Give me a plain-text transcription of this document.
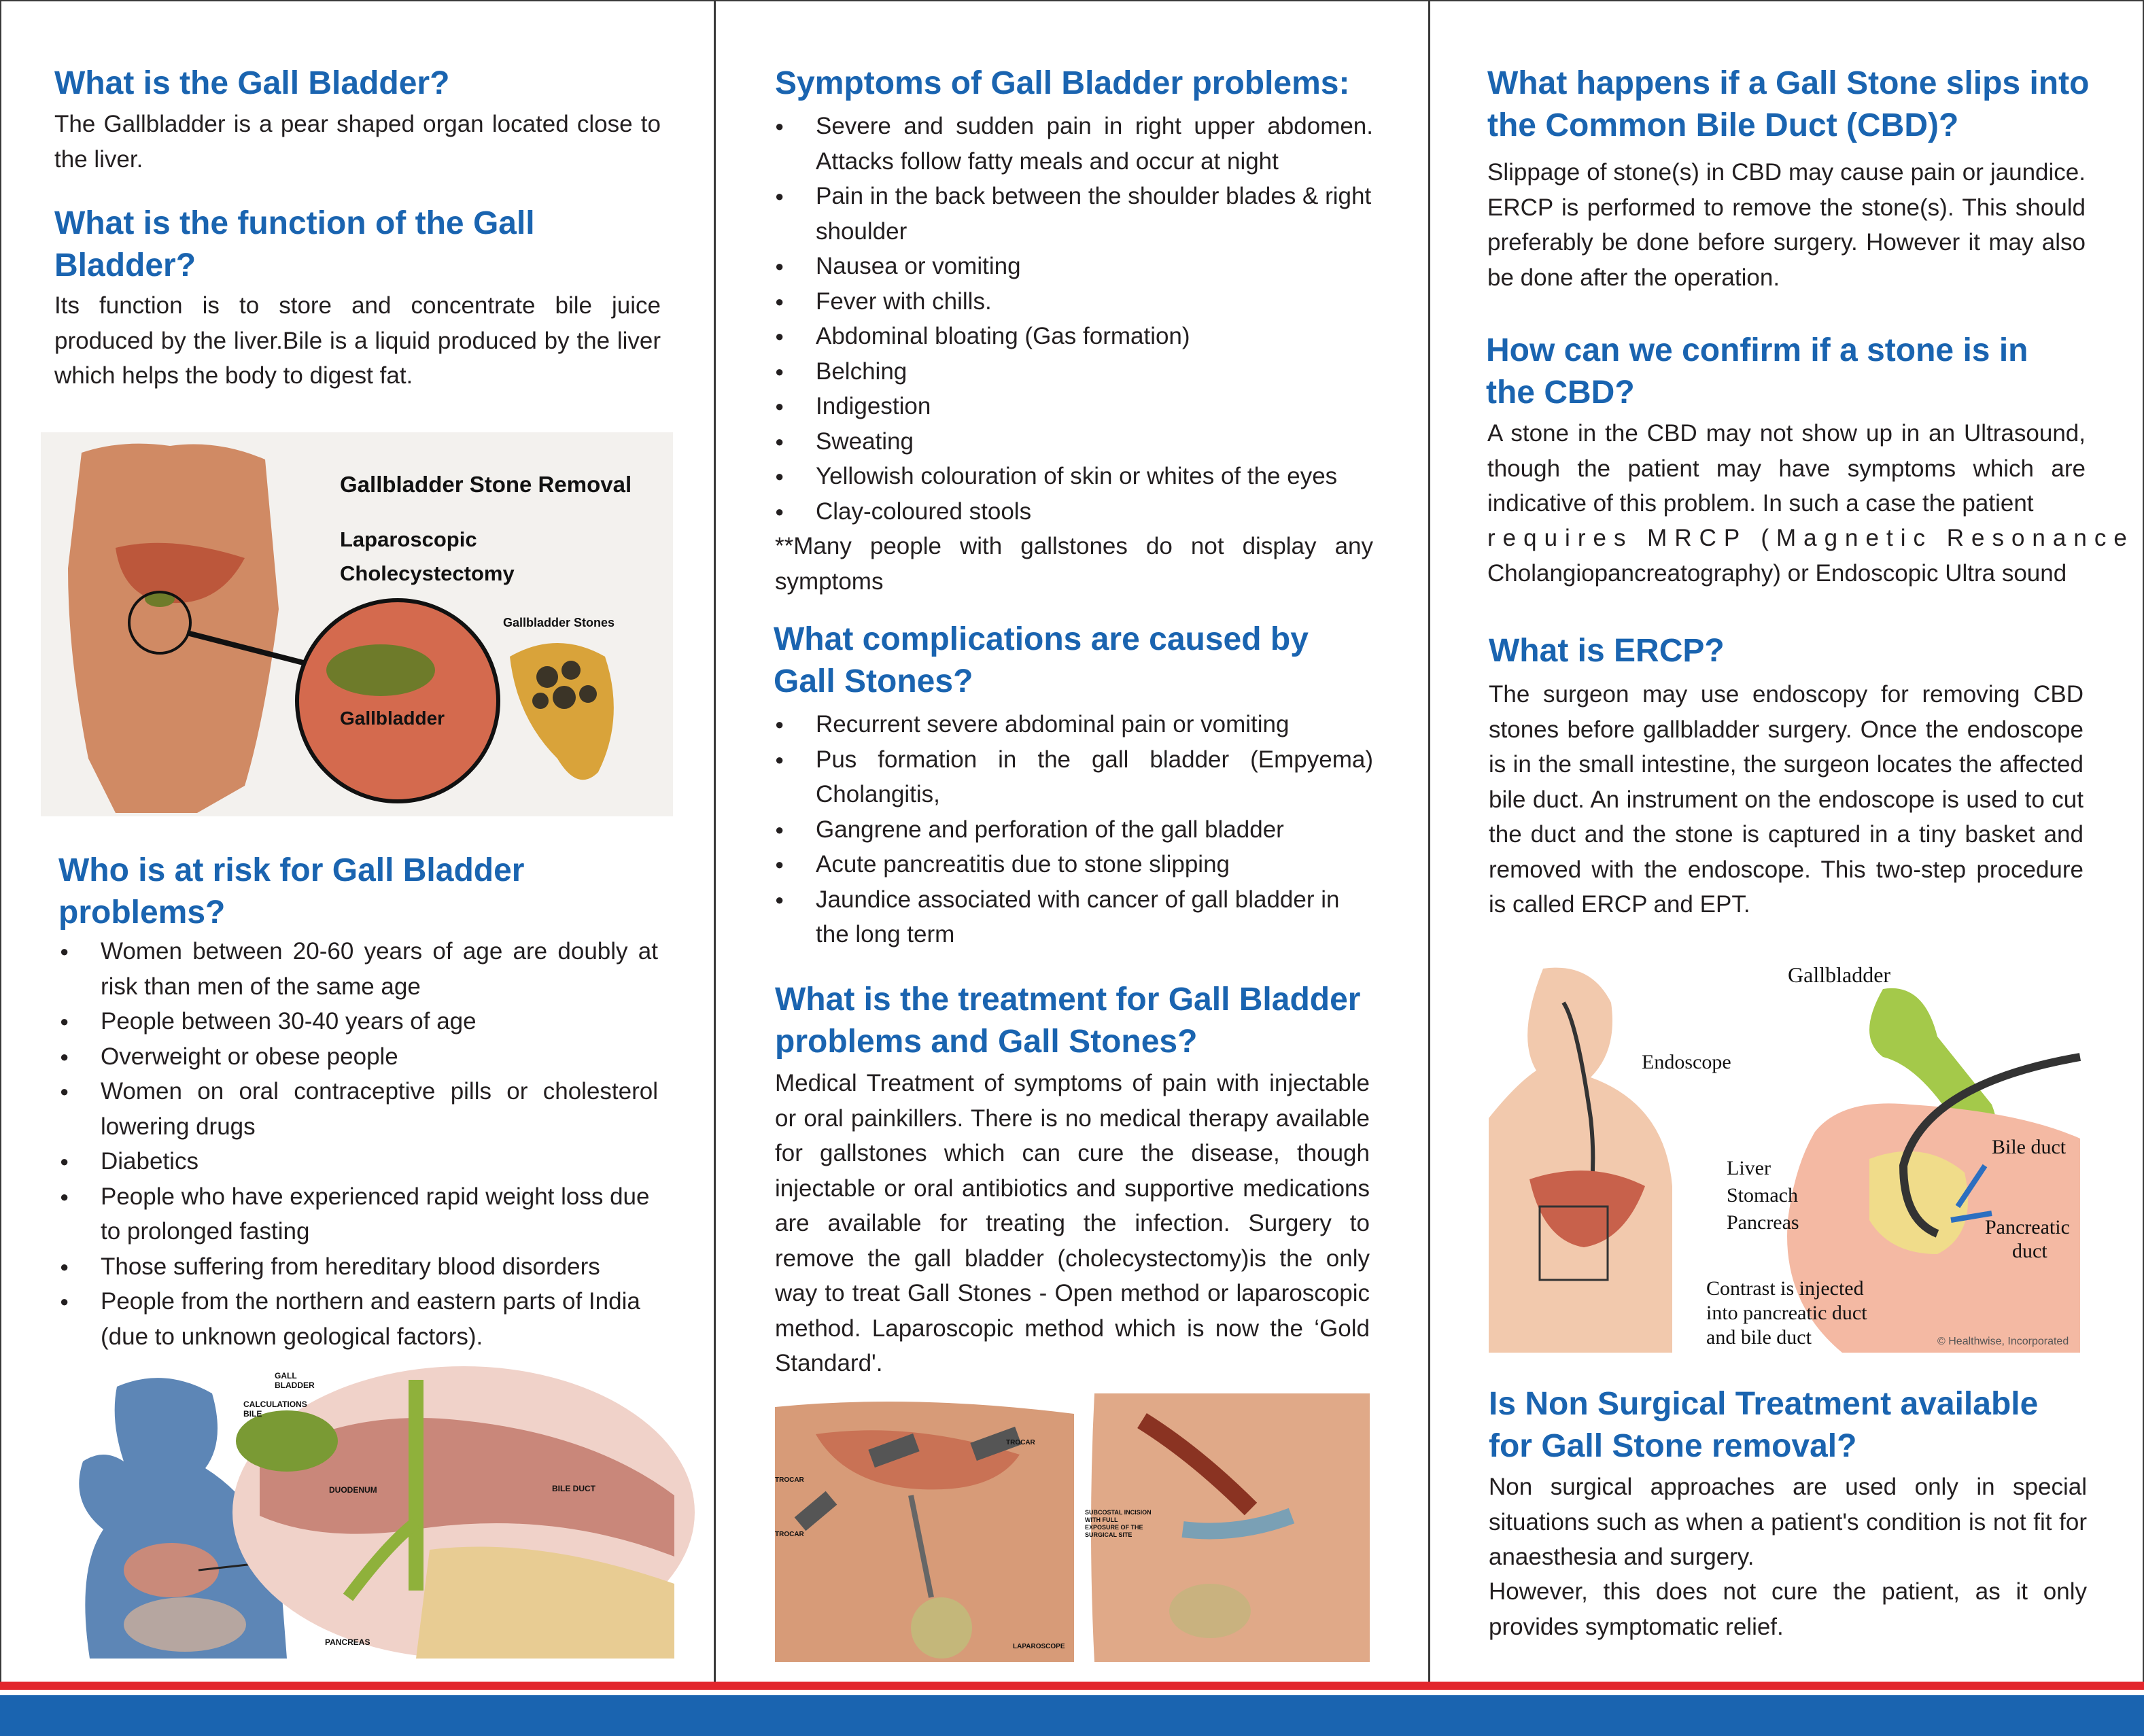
What is the Gall Bladder?

The Gallbladder is a pear shaped organ located close to the liver.

What is the function of the Gall Bladder?

Its function is to store and concentrate bile juice produced by the liver.Bile is a liquid produced by the liver which helps the body to digest fat.

Gallbladder
Gallbladder Stone Removal
Laparoscopic
Cholecystectomy
Gallbladder Stones
Who is at risk for Gall Bladder problems?
● Women between 20-60 years of age are doubly at risk than men of the same age
● People between 30-40 years of age
● Overweight or obese people
● Women on oral contraceptive pills or cholesterol lowering drugs
● Diabetics
● People who have experienced rapid weight loss due to prolonged fasting
● Those suffering from hereditary blood disorders
● People from the northern and eastern parts of India (due to unknown geological factors).
GALL
BLADDER
CALCULATIONS
BILE
DUODENUM	BILE DUCT
PANCREAS
Symptoms of Gall Bladder problems:
● Severe and sudden pain in right upper abdomen. Attacks follow fatty meals and occur at night
● Pain in the back between the shoulder blades & right shoulder
● Nausea or vomiting
● Fever with chills.
● Abdominal bloating (Gas formation)
● Belching
● Indigestion
● Sweating
● Yellowish colouration of skin or whites of the eyes
● Clay-coloured stools

**Many people with gallstones do not display any symptoms

What complications are caused by Gall Stones?
● Recurrent severe abdominal pain or vomiting
● Pus formation in the gall bladder (Empyema) Cholangitis,
● Gangrene and perforation of the gall bladder
● Acute pancreatitis due to stone slipping
● Jaundice associated with cancer of gall bladder in the long term
What is the treatment for Gall Bladder problems and Gall Stones?

Medical Treatment of symptoms of pain with injectable or oral painkillers. There is no medical therapy available for gallstones which can cure the disease, though injectable or oral antibiotics and supportive medications are available for treating the infection. Surgery to remove the gall bladder (cholecystectomy)is the only way to treat Gall Stones - Open method or laparoscopic method. Laparoscopic method which is now the ‘Gold Standard'.

TROCAR
TROCAR
TROCAR
LAPAROSCOPE
SUBCOSTAL INCISION WITH FULL EXPOSURE OF THE SURGICAL SITE
What happens if a Gall Stone slips into the Common Bile Duct (CBD)?

Slippage of stone(s) in CBD may cause pain or jaundice. ERCP is performed to remove the stone(s). This should preferably be done before surgery. However it may also be done after the operation.

How can we confirm if a stone is in the CBD?

A stone in the CBD may not show up in an Ultrasound, though the patient may have symptoms which are indicative of this problem. In such a case the patient

requires MRCP (Magnetic Resonance

Cholangiopancreatography) or Endoscopic Ultra sound

What is ERCP?

The surgeon may use endoscopy for removing CBD stones before gallbladder surgery. Once the endoscope is in the small intestine, the surgeon locates the affected bile duct. An instrument on the endoscope is used to cut the duct and the stone is captured in a tiny basket and removed with the endoscope. This two-step procedure is called ERCP and EPT.

Gallbladder
Endoscope
Liver
Stomach
Pancreas
Bile duct
Pancreatic
duct
Contrast is injected
into pancreatic duct
and bile duct	© Healthwise, Incorporated
Is Non Surgical Treatment available for Gall Stone removal?

Non surgical approaches are used only in special situations such as when a patient's condition is not fit for anaesthesia and surgery.

However, this does not cure the patient, as it only provides symptomatic relief.
